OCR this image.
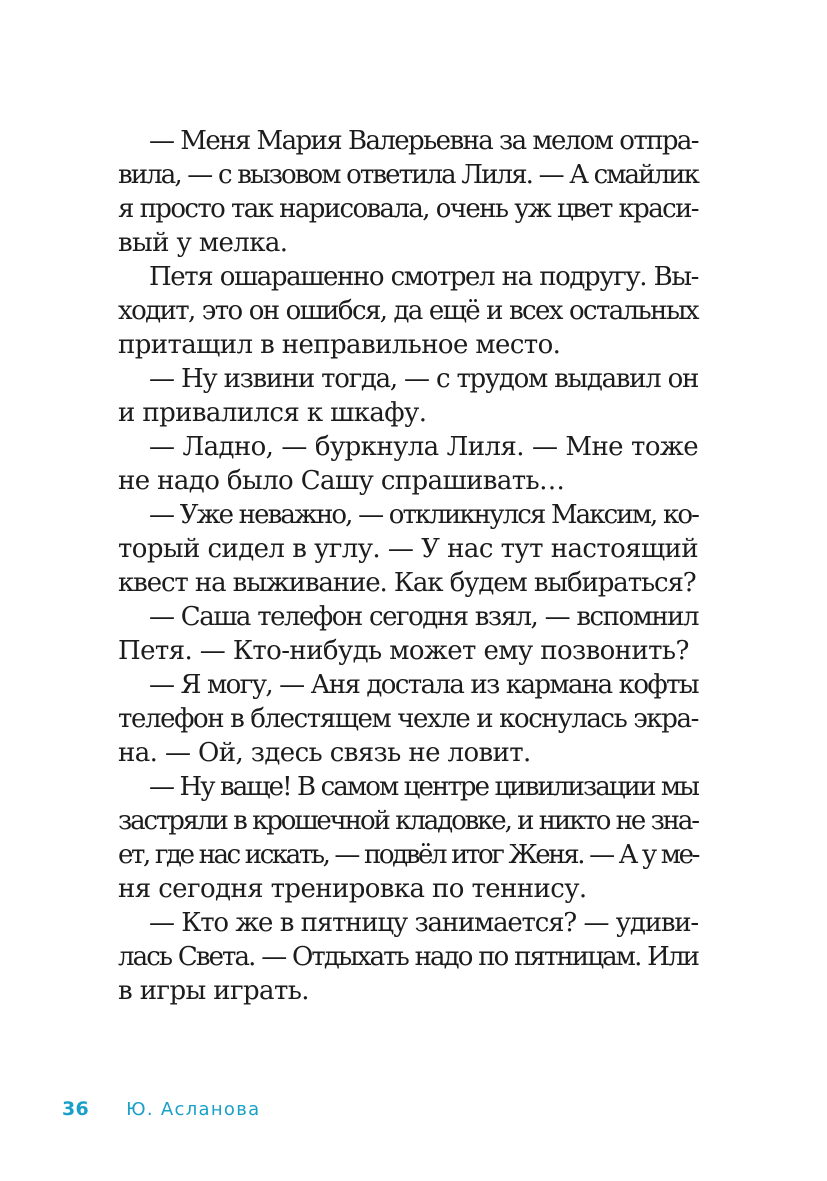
— Меня Мария Валерьевна за мелом отпра-
вила, — с вызовом ответила Лиля. — А смайлик
я просто так нарисовала, очень уж цвет краси-
вый у мелка.
Петя ошарашенно смотрел на подругу. Вы-
ходит, это он ошибся, да ещё и всех остальных
притащил в неправильное место.
— Ну извини тогда, — с трудом выдавил он
и привалился к шкафу.
— Ладно, — буркнула Лиля. — Мне тоже
не надо было Сашу спрашивать…
— Уже неважно, — откликнулся Максим, ко-
торый сидел в углу. — У нас тут настоящий
квест на выживание. Как будем выбираться?
— Саша телефон сегодня взял, — вспомнил
Петя. — Кто-нибудь может ему позвонить?
— Я могу, — Аня достала из кармана кофты
телефон в блестящем чехле и коснулась экра-
на. — Ой, здесь связь не ловит.
— Ну ваще! В самом центре цивилизации мы
застряли в крошечной кладовке, и никто не зна-
ет, где нас искать, — подвёл итог Женя. — А у ме-
ня сегодня тренировка по теннису.
— Кто же в пятницу занимается? — удиви-
лась Света. — Отдыхать надо по пятницам. Или
в игры играть.
36 Ю. Асланова
